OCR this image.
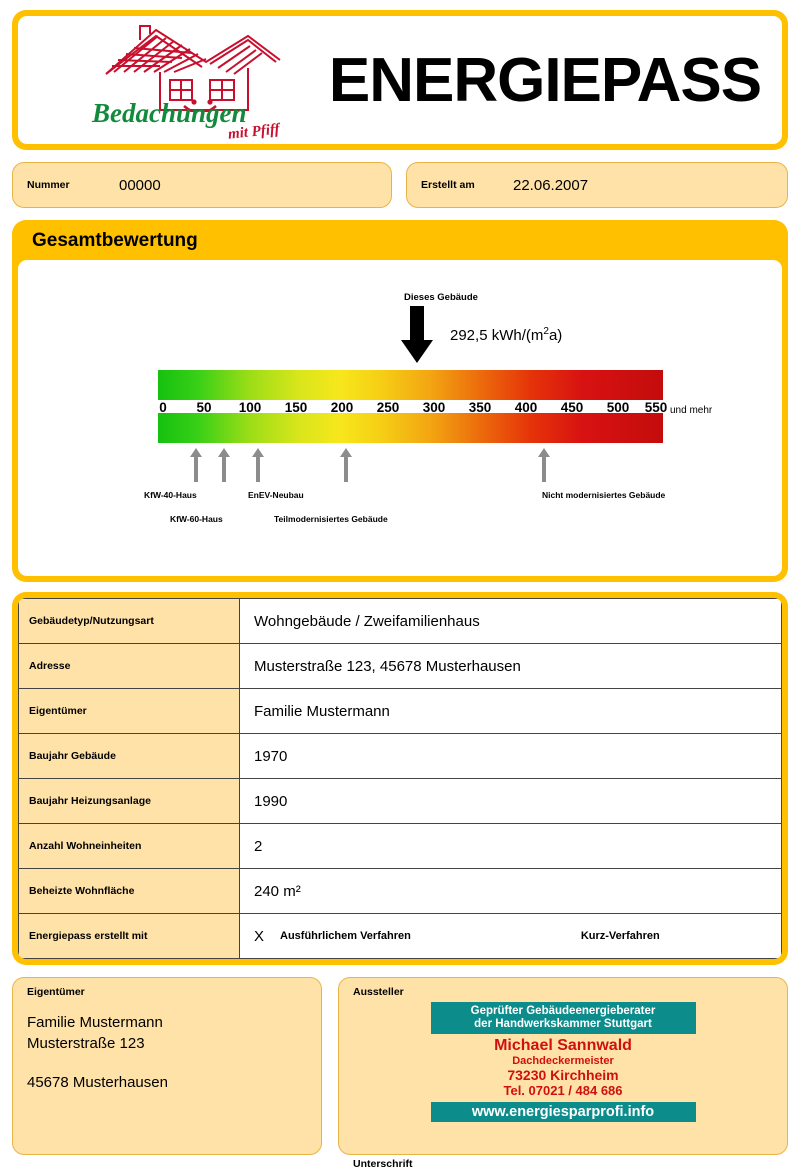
Bedachungen
mit Pfiff
ENERGIEPASS
Nummer	00000	Erstellt am	22.06.2007
Gesamtbewertung
Dieses Gebäude
292,5 kWh/$(m^2a)$
0	50	100	150	200	250	300	350	400	450	500	550 und mehr
KfW-40-Haus
KfW-60-Haus
EnEV-Neubau
Teilmodernisiertes Gebäude
Nicht modernisiertes Gebäude
Gebäudetyp/Nutzungsart	Wohngebäude / Zweifamilienhaus
Adresse	Musterstraße 123, 45678 Musterhausen
Eigentümer	Familie Mustermann
Baujahr Gebäude	1970
Baujahr Heizungsanlage	1990
Anzahl Wohneinheiten	2
Beheizte Wohnfläche	240 m²
Energiepass erstellt mit	X Ausführlichem Verfahren Kurz-Verfahren
Eigentümer
Familie Mustermann
Musterstraße 123
45678 Musterhausen
Aussteller
Geprüfter Gebäudeenergieberater
der Handwerkskammer Stuttgart
Michael Sannwald
Dachdeckermeister
73230 Kirchheim
Tel. 07021 / 484 686
www.energiesparprofi.info
Unterschrift
